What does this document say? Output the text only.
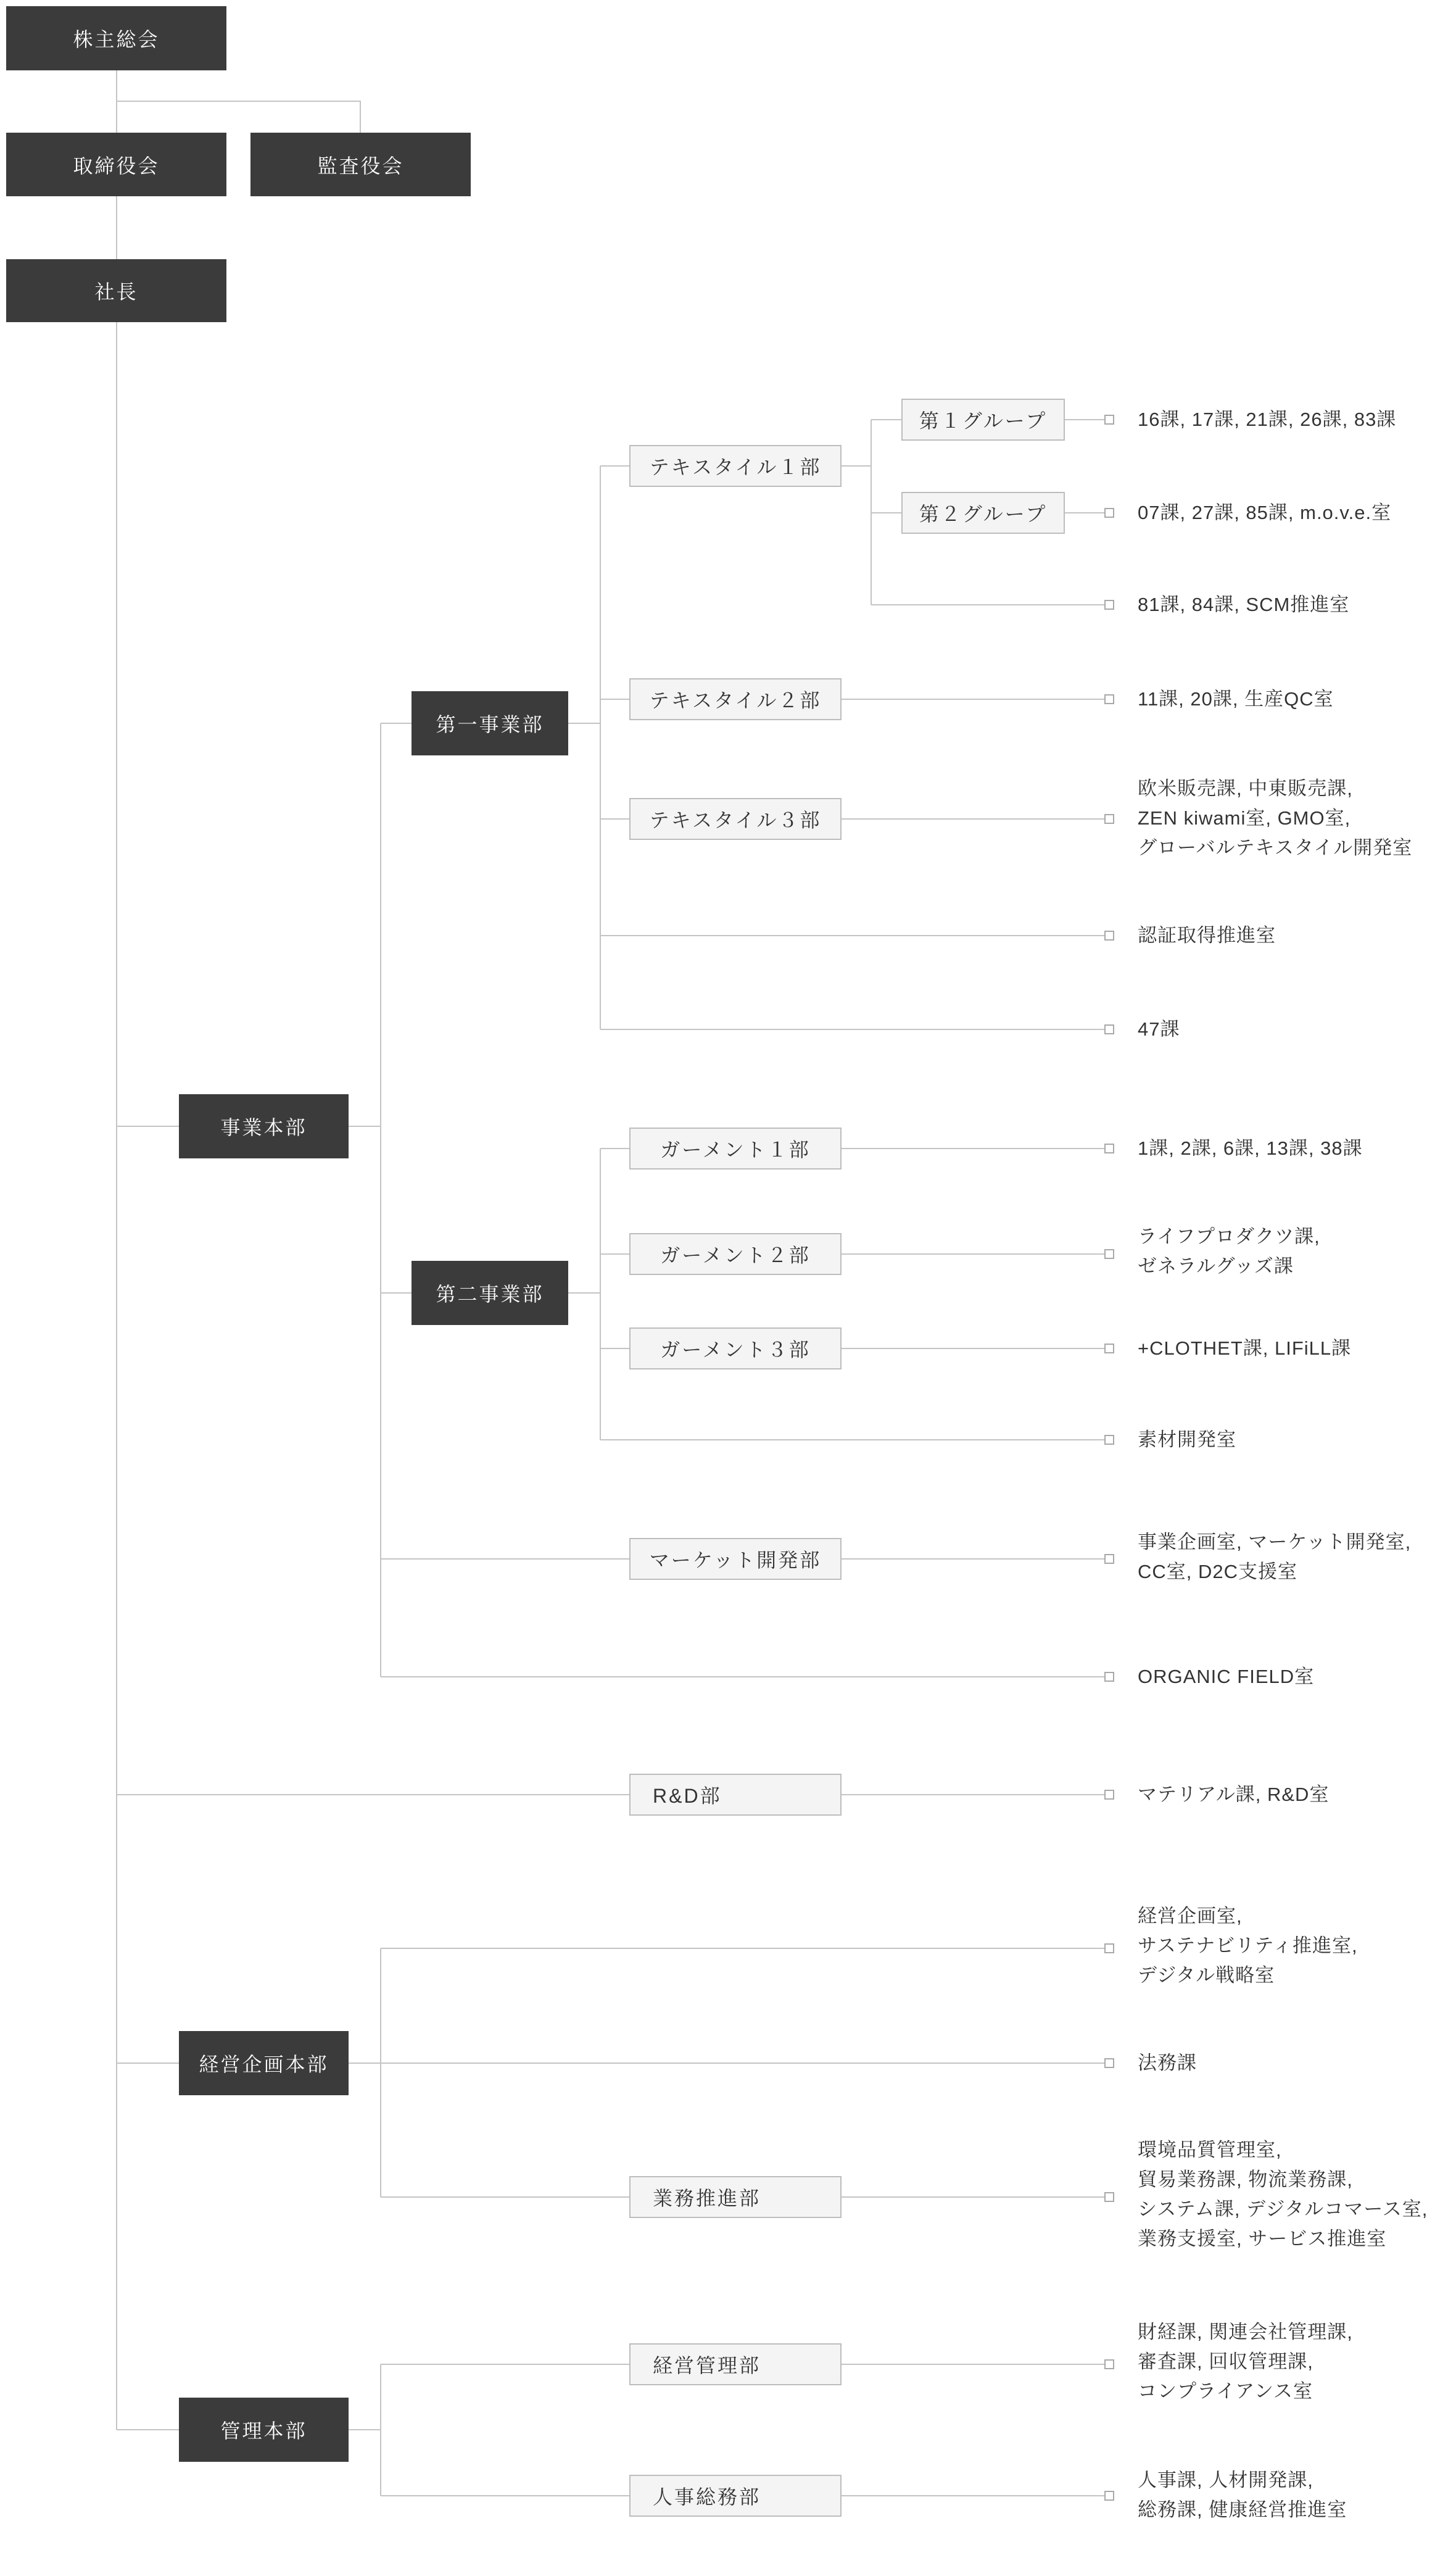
株主総会
取締役会	監査役会
社長
事業本部
経営企画本部
管理本部
第一事業部
第二事業部
テキスタイル１部
テキスタイル２部
テキスタイル３部
ガーメント１部
ガーメント２部
ガーメント３部
マーケット開発部
R&D部
業務推進部
経営管理部
人事総務部
第１グループ
第２グループ
16課, 17課, 21課, 26課, 83課
07課, 27課, 85課, m.o.v.e.室
81課, 84課, SCM推進室
11課, 20課, 生産QC室
欧米販売課, 中東販売課,
ZEN kiwami室, GMO室,
グローバルテキスタイル開発室
認証取得推進室
47課
1課, 2課, 6課, 13課, 38課
ライフプロダクツ課,
ゼネラルグッズ課
+CLOTHET課, LIFiLL課
素材開発室
事業企画室, マーケット開発室,
CC室, D2C支援室
ORGANIC FIELD室
マテリアル課, R&D室
経営企画室,
サステナビリティ推進室,
デジタル戦略室
法務課
環境品質管理室,
貿易業務課, 物流業務課,
システム課, デジタルコマース室,
業務支援室, サービス推進室
財経課, 関連会社管理課,
審査課, 回収管理課,
コンプライアンス室
人事課, 人材開発課,
総務課, 健康経営推進室
